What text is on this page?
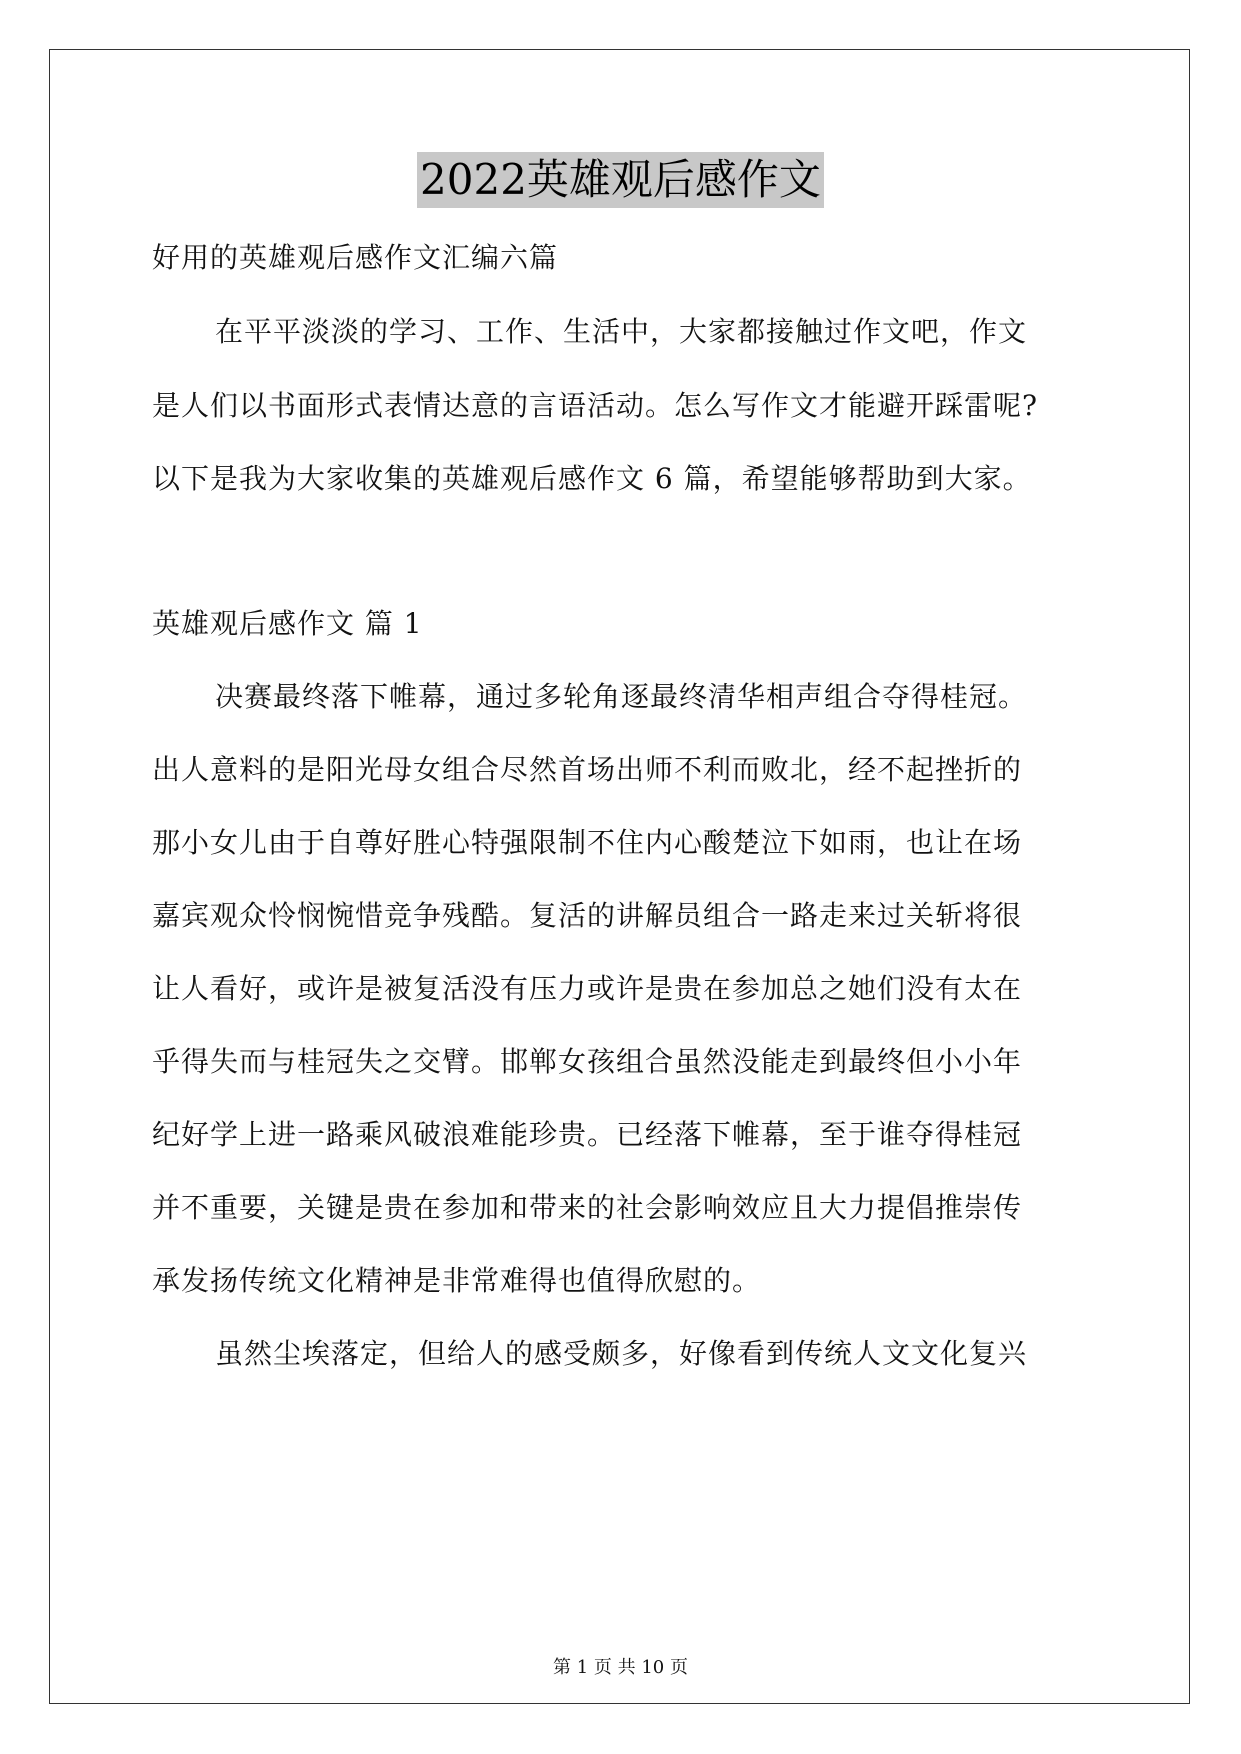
2022英雄观后感作文
好用的英雄观后感作文汇编六篇
在平平淡淡的学习、工作、生活中，大家都接触过作文吧，作文
是人们以书面形式表情达意的言语活动。怎么写作文才能避开踩雷呢?
以下是我为大家收集的英雄观后感作文 6 篇，希望能够帮助到大家。
英雄观后感作文 篇 1
决赛最终落下帷幕，通过多轮角逐最终清华相声组合夺得桂冠。
出人意料的是阳光母女组合尽然首场出师不利而败北，经不起挫折的
那小女儿由于自尊好胜心特强限制不住内心酸楚泣下如雨，也让在场
嘉宾观众怜悯惋惜竞争残酷。复活的讲解员组合一路走来过关斩将很
让人看好，或许是被复活没有压力或许是贵在参加总之她们没有太在
乎得失而与桂冠失之交臂。邯郸女孩组合虽然没能走到最终但小小年
纪好学上进一路乘风破浪难能珍贵。已经落下帷幕，至于谁夺得桂冠
并不重要，关键是贵在参加和带来的社会影响效应且大力提倡推崇传
承发扬传统文化精神是非常难得也值得欣慰的。
虽然尘埃落定，但给人的感受颇多，好像看到传统人文文化复兴
第 1 页 共 10 页
